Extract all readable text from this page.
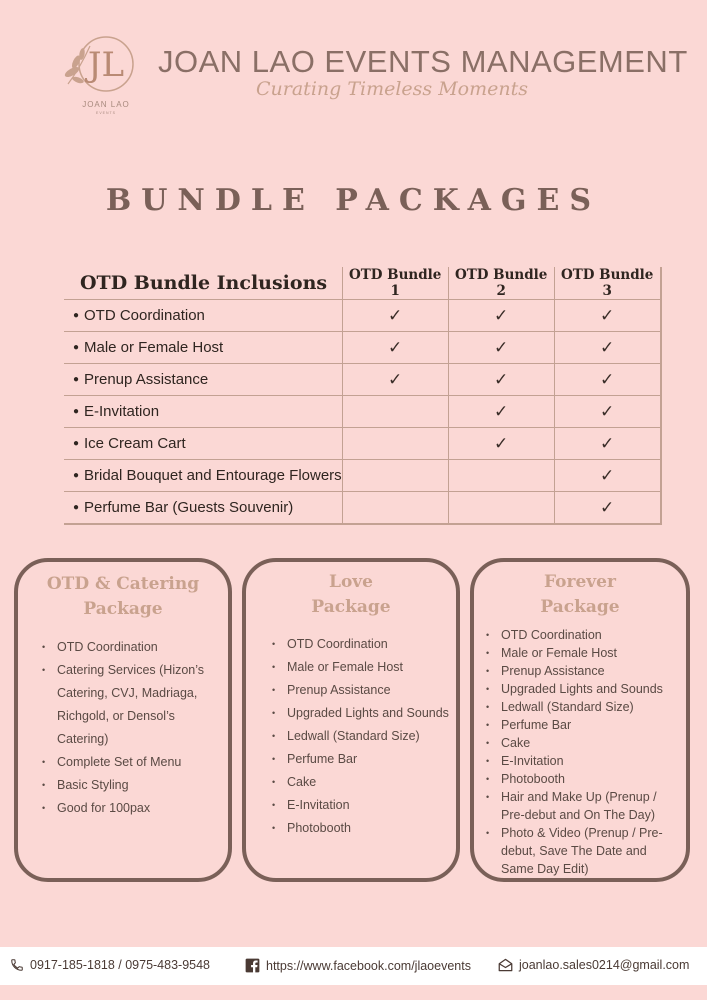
JL
JOAN LAO
EVENTS
JOAN LAO EVENTS MANAGEMENT
Curating Timeless Moments
BUNDLE PACKAGES
OTD Bundle Inclusions	OTD Bundle 1	OTD Bundle 2	OTD Bundle 3
● OTD Coordination	✓	✓	✓
● Male or Female Host	✓	✓	✓
● Prenup Assistance	✓	✓	✓
● E-Invitation		✓	✓
● Ice Cream Cart		✓	✓
● Bridal Bouquet and Entourage Flowers			✓
● Perfume Bar (Guests Souvenir)			✓
OTD & Catering
Package
• OTD Coordination
• Catering Services (Hizon’s Catering, CVJ, Madriaga, Richgold, or Densol’s Catering)
• Complete Set of Menu
• Basic Styling
• Good for 100pax
Love
Package
• OTD Coordination
• Male or Female Host
• Prenup Assistance
• Upgraded Lights and Sounds
• Ledwall (Standard Size)
• Perfume Bar
• Cake
• E-Invitation
• Photobooth
Forever
Package
• OTD Coordination
• Male or Female Host
• Prenup Assistance
• Upgraded Lights and Sounds
• Ledwall (Standard Size)
• Perfume Bar
• Cake
• E-Invitation
• Photobooth
• Hair and Make Up (Prenup / Pre-debut and On The Day)
• Photo & Video (Prenup / Pre-debut, Save The Date and Same Day Edit)
0917-185-1818 / 0975-483-9548	https://www.facebook.com/jlaoevents	joanlao.sales0214@gmail.com
